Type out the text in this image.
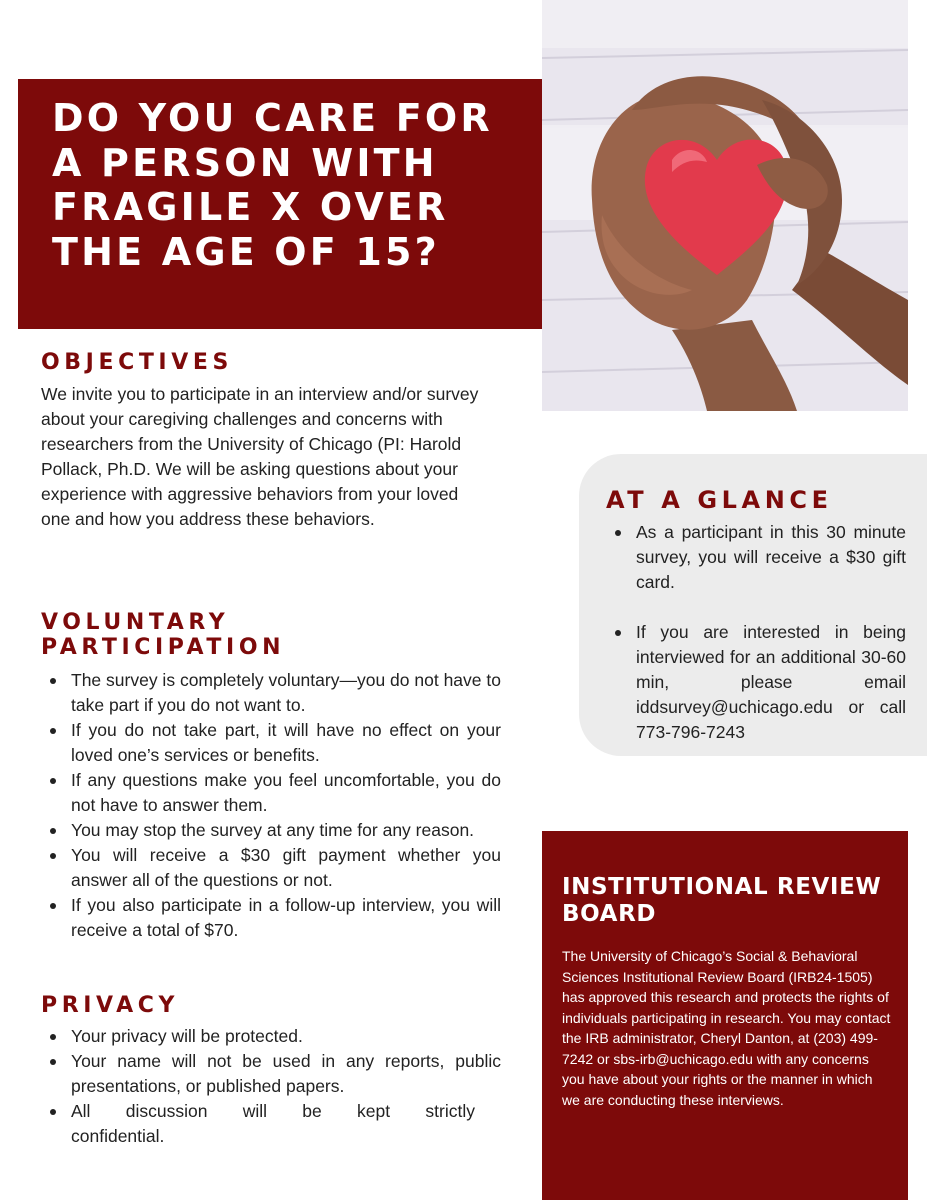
DO YOU CARE FOR A PERSON WITH FRAGILE X OVER THE AGE OF 15?
OBJECTIVES
We invite you to participate in an interview and/or survey about your caregiving challenges and concerns with researchers from the University of Chicago (PI: Harold Pollack, Ph.D. We will be asking questions about your experience with aggressive behaviors from your loved one and how you address these behaviors.
VOLUNTARY
PARTICIPATION
The survey is completely voluntary—you do not have to take part if you do not want to.
If you do not take part, it will have no effect on your loved one’s services or benefits.
If any questions make you feel uncomfortable, you do not have to answer them.
You may stop the survey at any time for any reason.
You will receive a $30 gift payment whether you answer all of the questions or not.
If you also participate in a follow-up interview, you will receive a total of $70.
PRIVACY
Your privacy will be protected.
Your name will not be used in any reports, public presentations, or published papers.
All discussion will be kept strictly
confidential.
AT A GLANCE
As a participant in this 30 minute survey, you will receive a $30 gift card.
If you are interested in being interviewed for an additional 30-60 min, please email iddsurvey@uchicago.edu or call 773-796-7243
INSTITUTIONAL REVIEW BOARD
The University of Chicago’s Social & Behavioral Sciences Institutional Review Board (IRB24-1505) has approved this research and protects the rights of individuals participating in research. You may contact the IRB administrator, Cheryl Danton, at (203) 499-7242 or sbs-irb@uchicago.edu with any concerns you have about your rights or the manner in which we are conducting these interviews.
